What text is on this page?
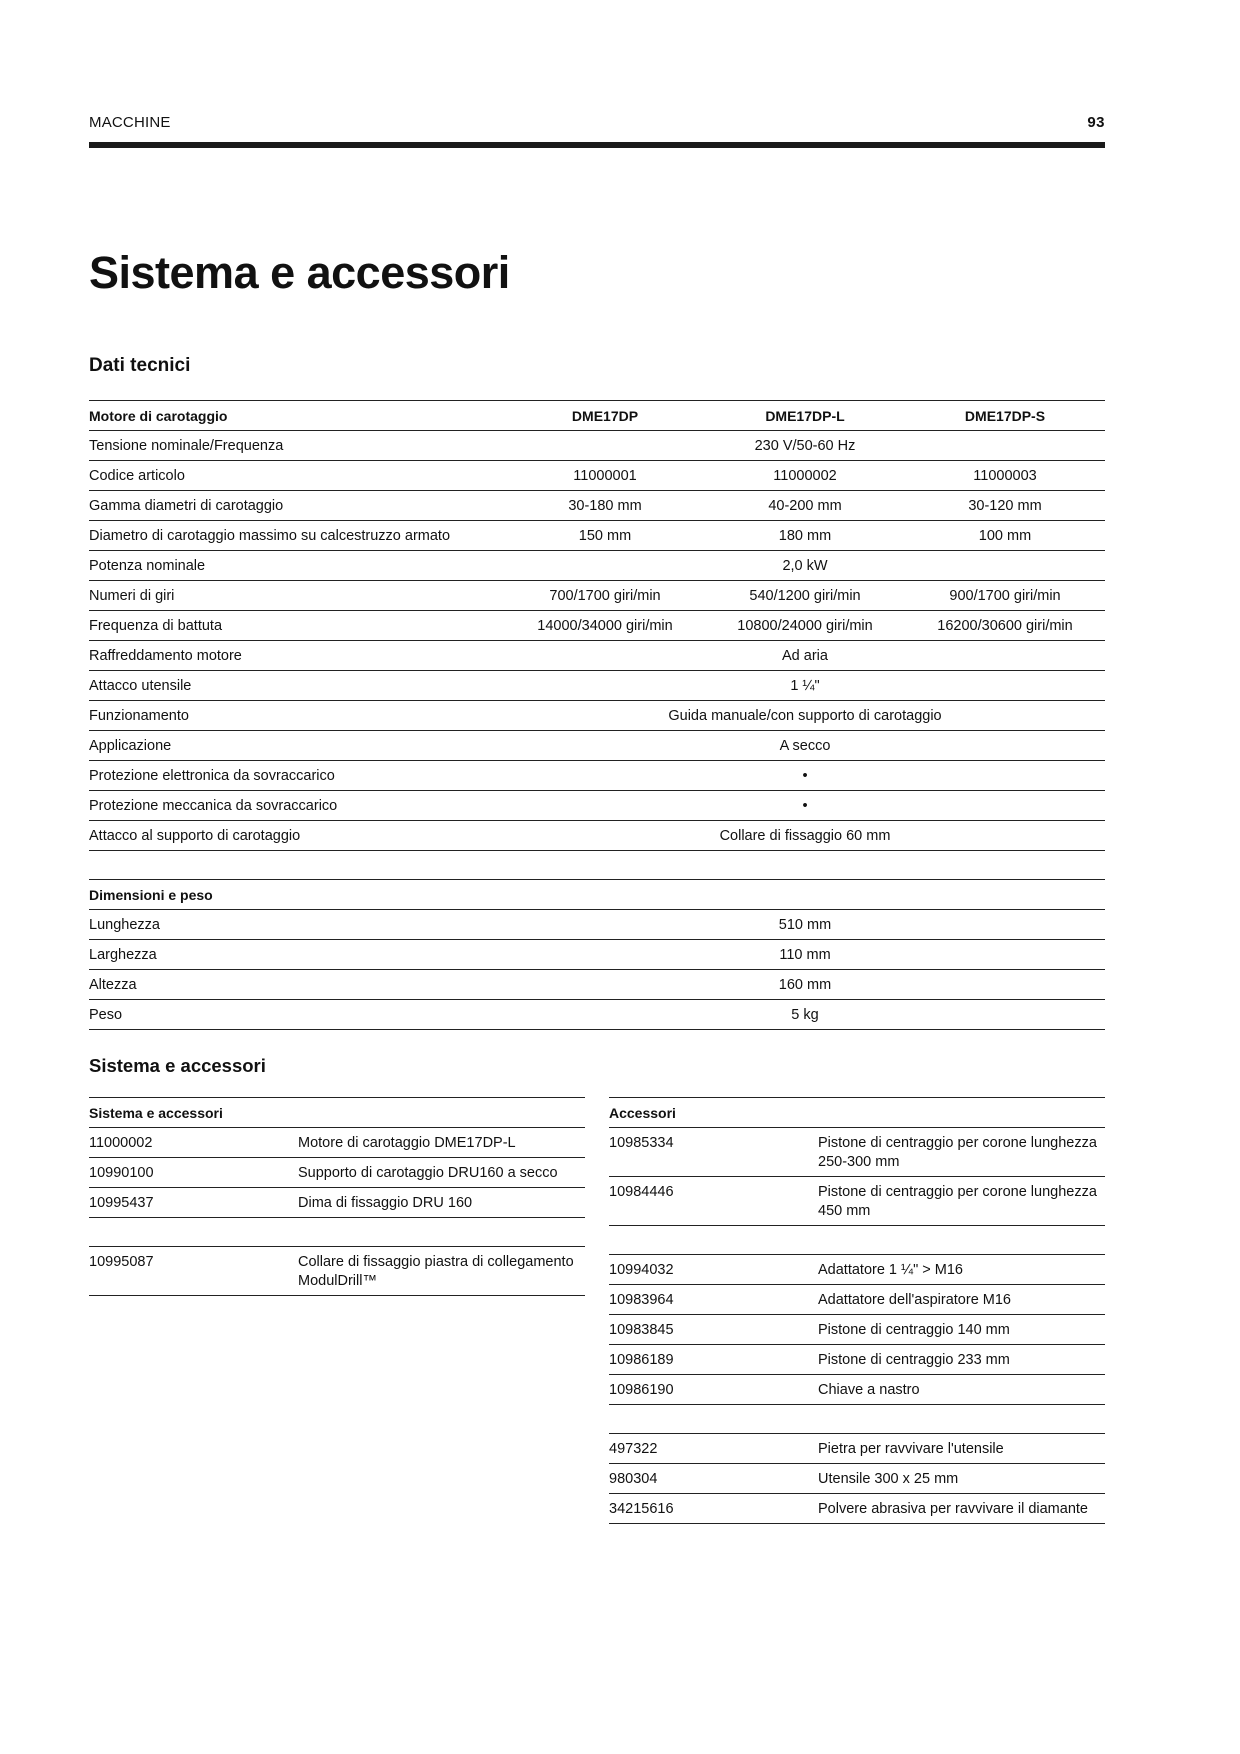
MACCHINE	93
Sistema e accessori
Dati tecnici
Motore di carotaggio	DME17DP	DME17DP-L	DME17DP-S
Tensione nominale/Frequenza	230 V/50-60 Hz		
Codice articolo	11000001	11000002	11000003
Gamma diametri di carotaggio	30-180 mm	40-200 mm	30-120 mm
Diametro di carotaggio massimo su calcestruzzo armato	150 mm	180 mm	100 mm
Potenza nominale	2,0 kW		
Numeri di giri	700/1700 giri/min	540/1200 giri/min	900/1700 giri/min
Frequenza di battuta	14000/34000 giri/min	10800/24000 giri/min	16200/30600 giri/min
Raffreddamento motore	Ad aria		
Attacco utensile	1 ¼"		
Funzionamento	Guida manuale/con supporto di carotaggio		
Applicazione	A secco		
Protezione elettronica da sovraccarico	•		
Protezione meccanica da sovraccarico	•		
Attacco al supporto di carotaggio	Collare di fissaggio 60 mm		

Dimensioni e peso			
Lunghezza	510 mm		
Larghezza	110 mm		
Altezza	160 mm		
Peso	5 kg		
Sistema e accessori
Sistema e accessori	
11000002	Motore di carotaggio DME17DP-L
10990100	Supporto di carotaggio DRU160 a secco
10995437	Dima di fissaggio DRU 160

10995087	Collare di fissaggio piastra di collegamento ModulDrill™
Accessori	
10985334	Pistone di centraggio per corone lunghezza 250-300 mm
10984446	Pistone di centraggio per corone lunghezza 450 mm

10994032	Adattatore 1 ¼" > M16
10983964	Adattatore dell'aspiratore M16
10983845	Pistone di centraggio 140 mm
10986189	Pistone di centraggio 233 mm
10986190	Chiave a nastro

497322	Pietra per ravvivare l'utensile
980304	Utensile 300 x 25 mm
34215616	Polvere abrasiva per ravvivare il diamante
